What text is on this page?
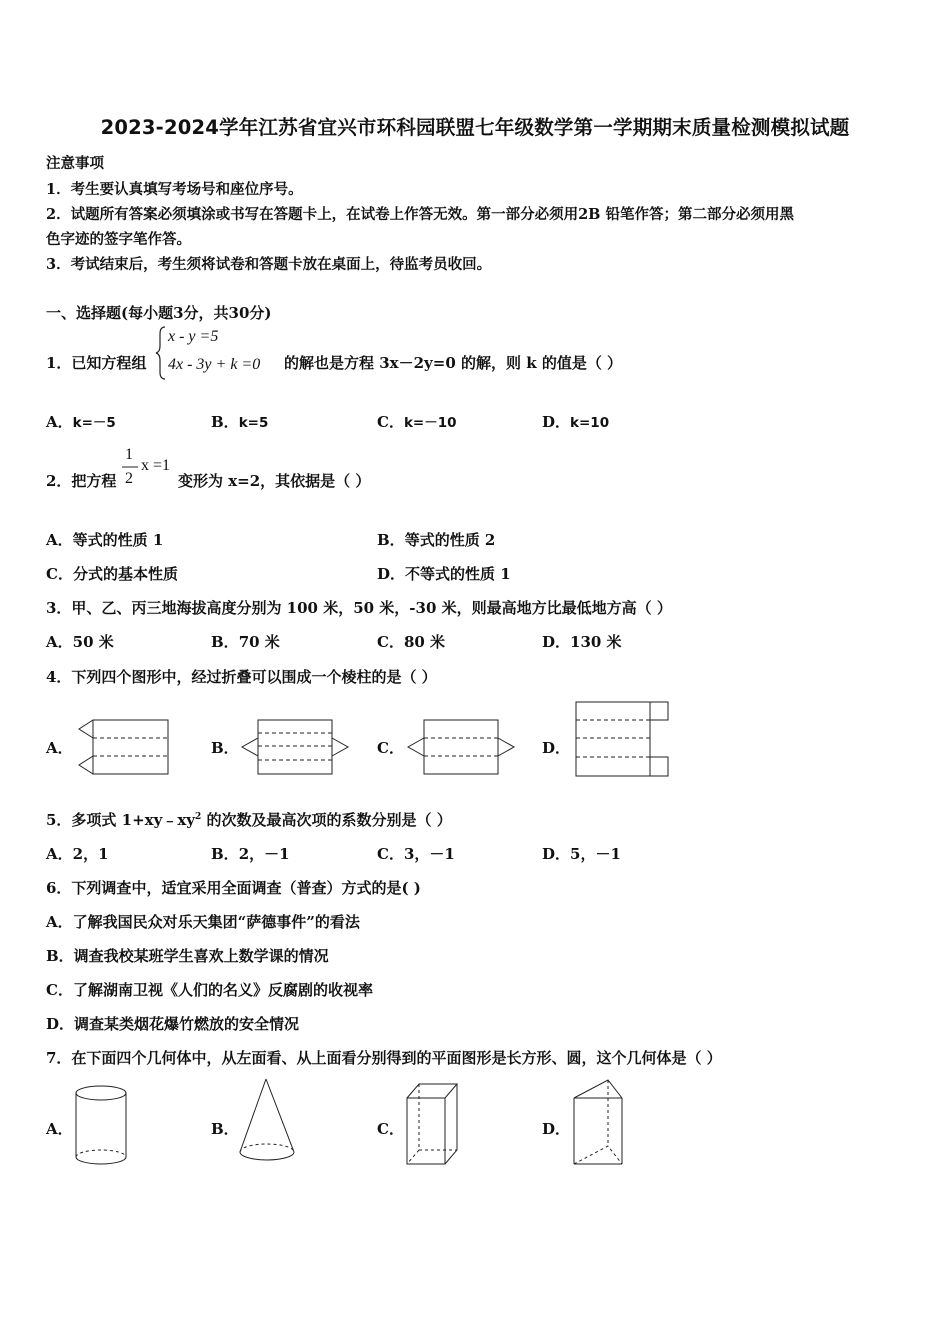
2023-2024学年江苏省宜兴市环科园联盟七年级数学第一学期期末质量检测模拟试题
注意事项
1．考生要认真填写考场号和座位序号。
2．试题所有答案必须填涂或书写在答题卡上，在试卷上作答无效。第一部分必须用2B 铅笔作答；第二部分必须用黑
色字迹的签字笔作答。
3．考试结束后，考生须将试卷和答题卡放在桌面上，待监考员收回。
一、选择题(每小题3分，共30分)
1．已知方程组
x - y =5
4x - 3y + k =0 的解也是方程 3x－2y=0 的解，则 k 的值是（ ）
A．k=－5	B．k=5	C．k=－10	D．k=10
2．把方程
1
2
x =1
变形为 x=2，其依据是（ ）
A．等式的性质 1	B．等式的性质 2
C．分式的基本性质	D．不等式的性质 1
3．甲、乙、丙三地海拔高度分别为 100 米，50 米，-30 米，则最高地方比最低地方高（ ）
A．50 米	B．70 米	C．80 米	D．130 米
4．下列四个图形中，经过折叠可以围成一个棱柱的是（ ）
A．	B．	C．	D．
5．多项式 $1+xy﹣xy^2$ 的次数及最高次项的系数分别是（ ）
A．2，1	B．2，－1	C．3，－1	D．5，－1
6．下列调查中，适宜采用全面调查（普查）方式的是( )
A．了解我国民众对乐天集团“萨德事件”的看法
B．调查我校某班学生喜欢上数学课的情况
C．了解湖南卫视《人们的名义》反腐剧的收视率
D．调查某类烟花爆竹燃放的安全情况
7．在下面四个几何体中，从左面看、从上面看分别得到的平面图形是长方形、圆，这个几何体是（ ）
A．	B．	C．	D．
